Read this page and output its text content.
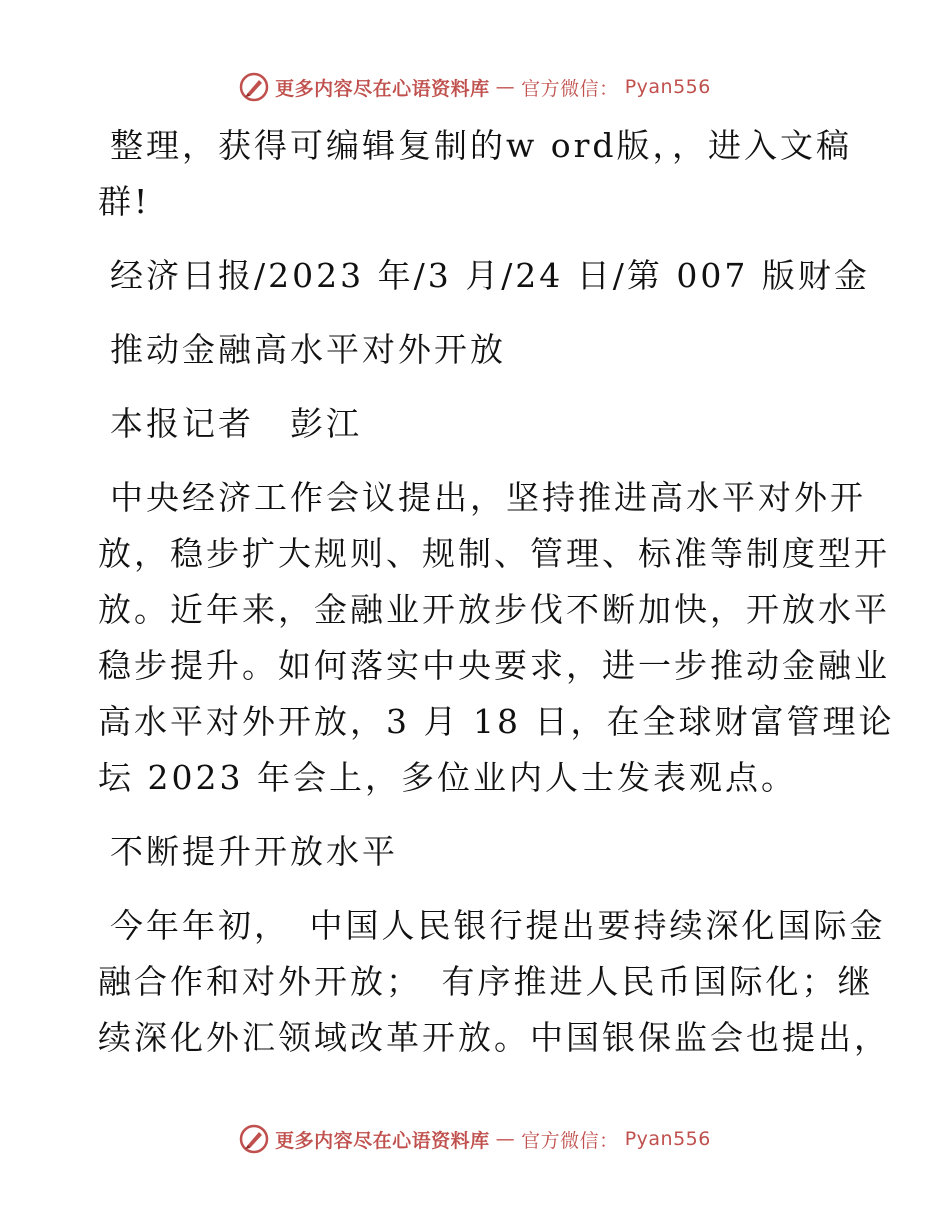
更多内容尽在心语资料库 — 官方微信： Pyan556
整理，获得可编辑复制的w ord版，，进入文稿
群!
经济日报/2023 年/3 月/24 日/第 007 版财金
推动金融高水平对外开放
本报记者　彭江
中央经济工作会议提出，坚持推进高水平对外开
放，稳步扩大规则、规制、管理、标准等制度型开
放。近年来，金融业开放步伐不断加快，开放水平
稳步提升。如何落实中央要求，进一步推动金融业
高水平对外开放，3 月 18 日，在全球财富管理论
坛 2023 年会上，多位业内人士发表观点。
不断提升开放水平
今年年初，　中国人民银行提出要持续深化国际金
融合作和对外开放；　有序推进人民币国际化；继
续深化外汇领域改革开放。中国银保监会也提出，
更多内容尽在心语资料库 — 官方微信： Pyan556
